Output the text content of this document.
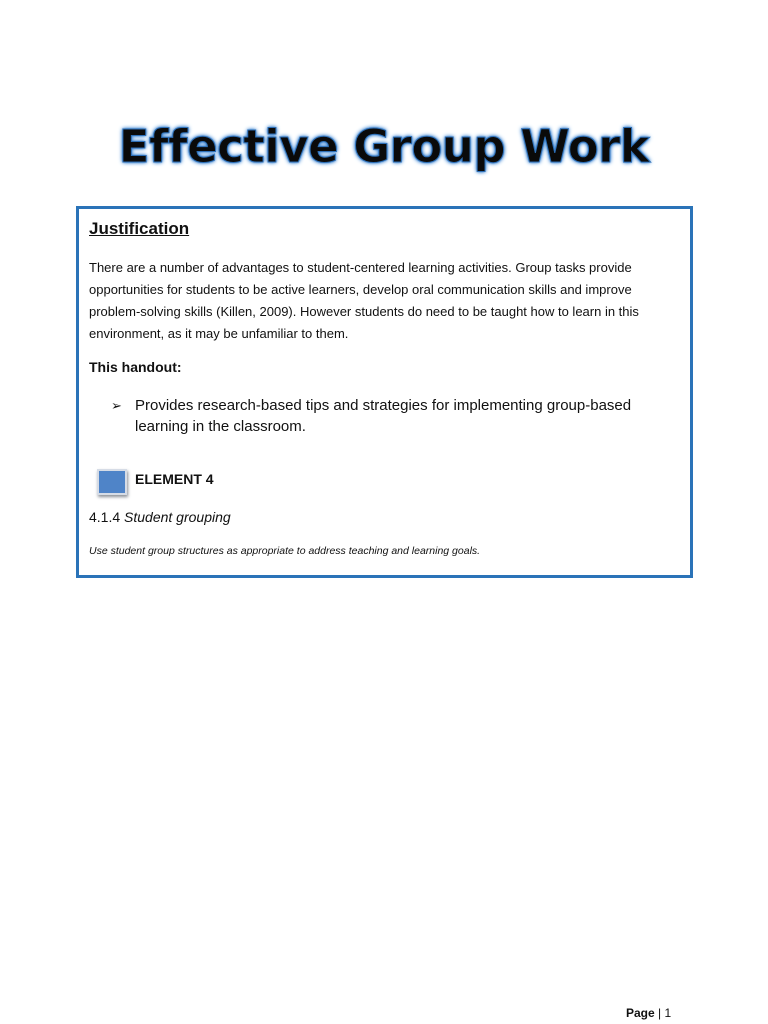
Effective Group Work
Justification

There are a number of advantages to student-centered learning activities. Group tasks provide opportunities for students to be active learners, develop oral communication skills and improve problem-solving skills (Killen, 2009). However students do need to be taught how to learn in this environment, as it may be unfamiliar to them.

This handout:
➢ Provides research-based tips and strategies for implementing group-based learning in the classroom.
ELEMENT 4
4.1.4 Student grouping
Use student group structures as appropriate to address teaching and learning goals.
Page | 1
